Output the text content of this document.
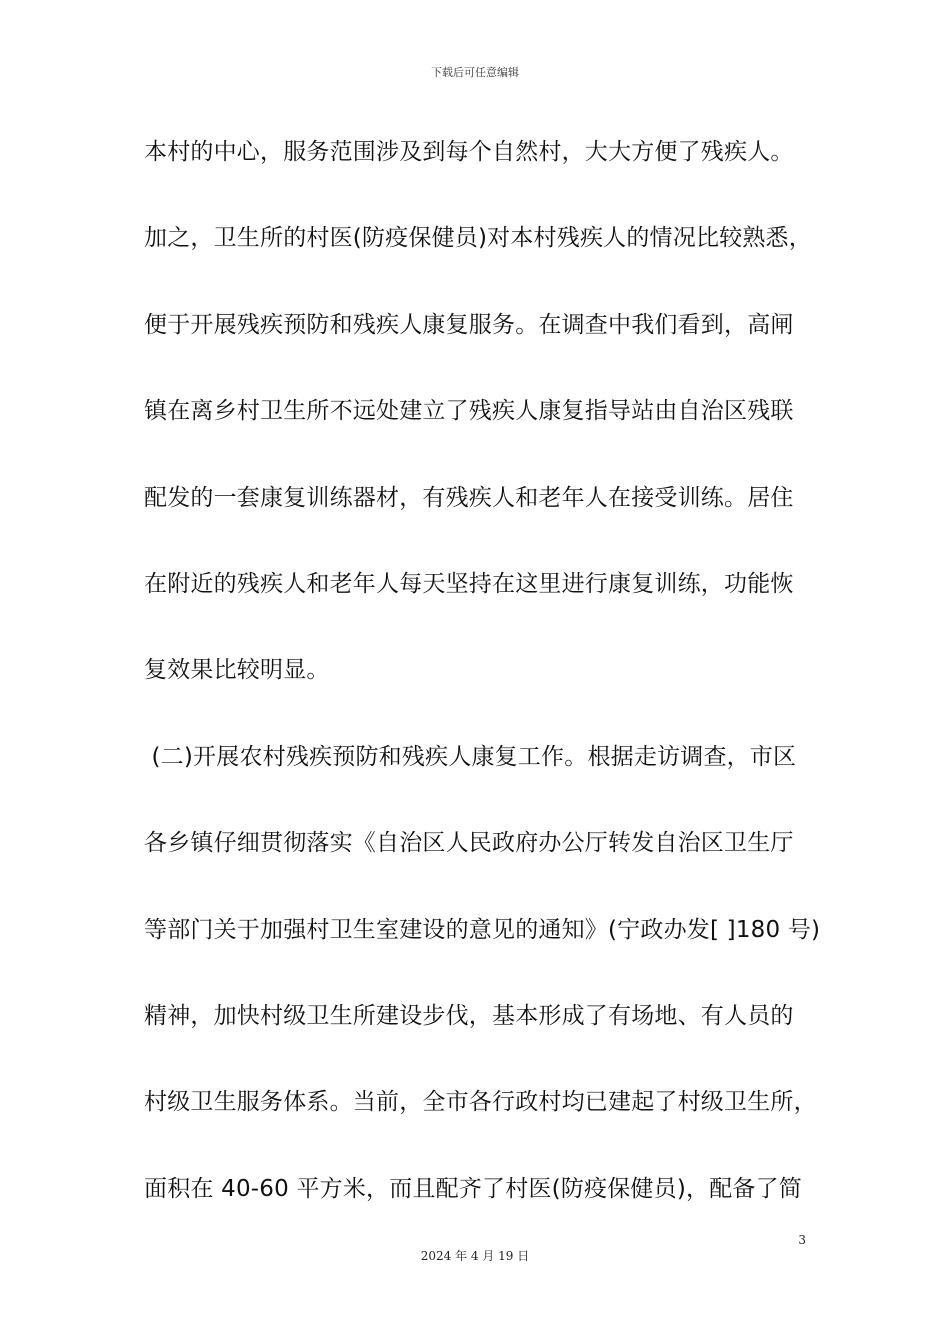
下载后可任意编辑
本村的中心，服务范围涉及到每个自然村，大大方便了残疾人。
加之，卫生所的村医(防疫保健员)对本村残疾人的情况比较熟悉，
便于开展残疾预防和残疾人康复服务。在调查中我们看到，高闸
镇在离乡村卫生所不远处建立了残疾人康复指导站由自治区残联
配发的一套康复训练器材，有残疾人和老年人在接受训练。居住
在附近的残疾人和老年人每天坚持在这里进行康复训练，功能恢
复效果比较明显。
(二)开展农村残疾预防和残疾人康复工作。根据走访调查，市区
各乡镇仔细贯彻落实《自治区人民政府办公厅转发自治区卫生厅
等部门关于加强村卫生室建设的意见的通知》(宁政办发[ ]180 号)
精神，加快村级卫生所建设步伐，基本形成了有场地、有人员的
村级卫生服务体系。当前，全市各行政村均已建起了村级卫生所，
面积在 40-60 平方米，而且配齐了村医(防疫保健员)，配备了简
3
2024 年 4 月 19 日
